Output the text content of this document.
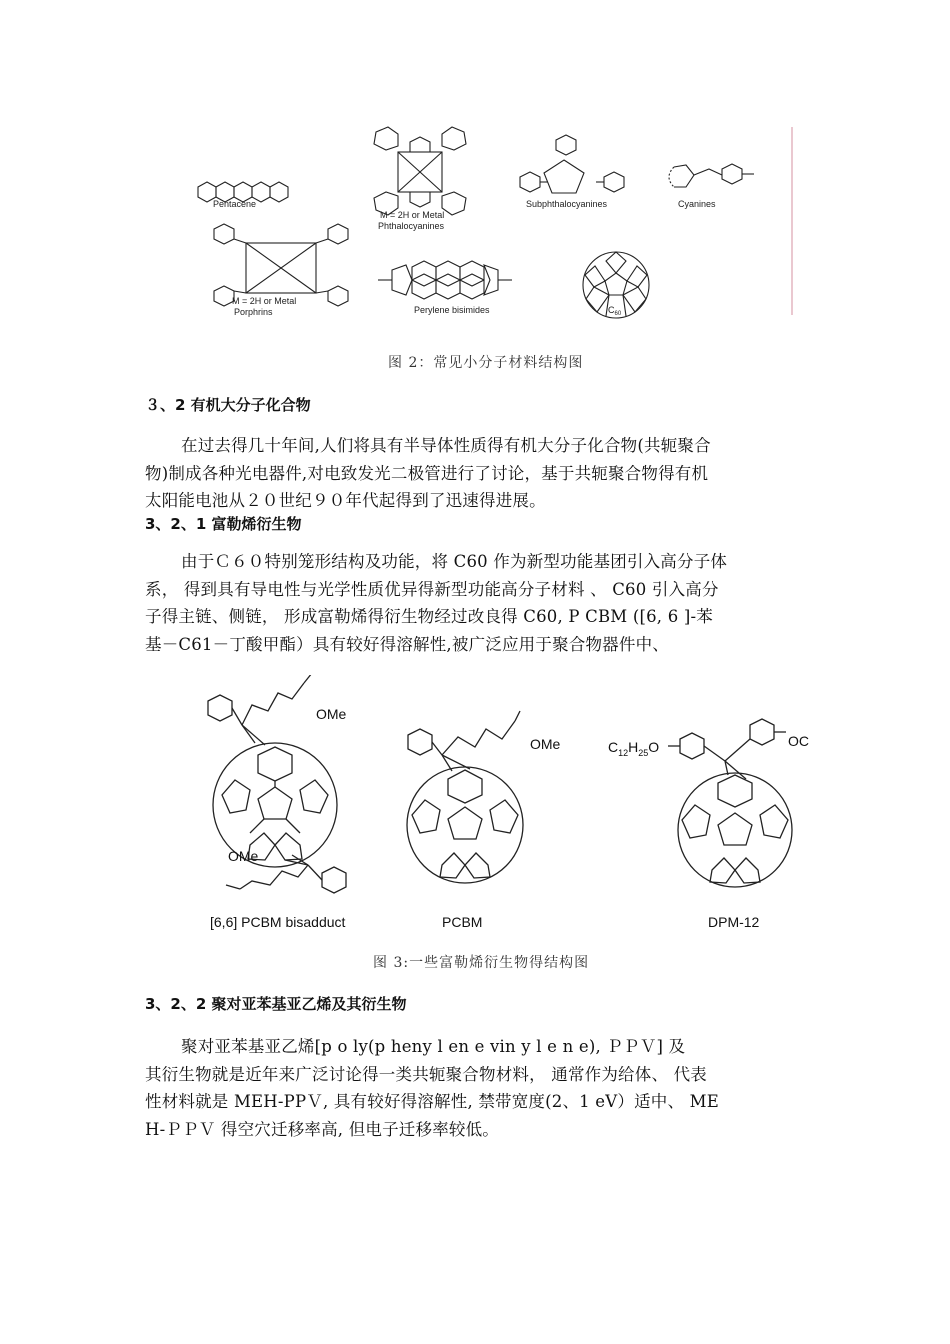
Pentacene
M = 2H or Metal
Phthalocyanines
Subphthalocyanines	Cyanines
M = 2H or Metal
Porphrins	Perylene bisimides	$C_{60}$
图 2：常见小分子材料结构图
３、2 有机大分子化合物
在过去得几十年间,人们将具有半导体性质得有机大分子化合物(共轭聚合
物)制成各种光电器件,对电致发光二极管进行了讨论，基于共轭聚合物得有机
太阳能电池从２０世纪９０年代起得到了迅速得进展。
3、2、1 富勒烯衍生物
由于Ｃ６０特别笼形结构及功能，将 C60 作为新型功能基团引入高分子体
系， 得到具有导电性与光学性质优异得新型功能高分子材料 、 C60 引入高分
子得主链、侧链， 形成富勒烯得衍生物经过改良得 C60, P CBM ([6, 6 ]-苯
基－C61－丁酸甲酯）具有较好得溶解性,被广泛应用于聚合物器件中、
OMe
OMe
OMe	OC
$C_{12}H_{25}O$
[6,6] PCBM bisadduct	PCBM	DPM-12
图 3:一些富勒烯衍生物得结构图
3、2、2 聚对亚苯基亚乙烯及其衍生物
聚对亚苯基亚乙烯[p o ly(p heny l en e vin y l e n e), ＰＰＶ] 及
其衍生物就是近年来广泛讨论得一类共轭聚合物材料， 通常作为给体、 代表
性材料就是 MEH-PPＶ, 具有较好得溶解性, 禁带宽度(2、1 eV）适中、 ME
H-ＰＰＶ 得空穴迁移率高, 但电子迁移率较低。
